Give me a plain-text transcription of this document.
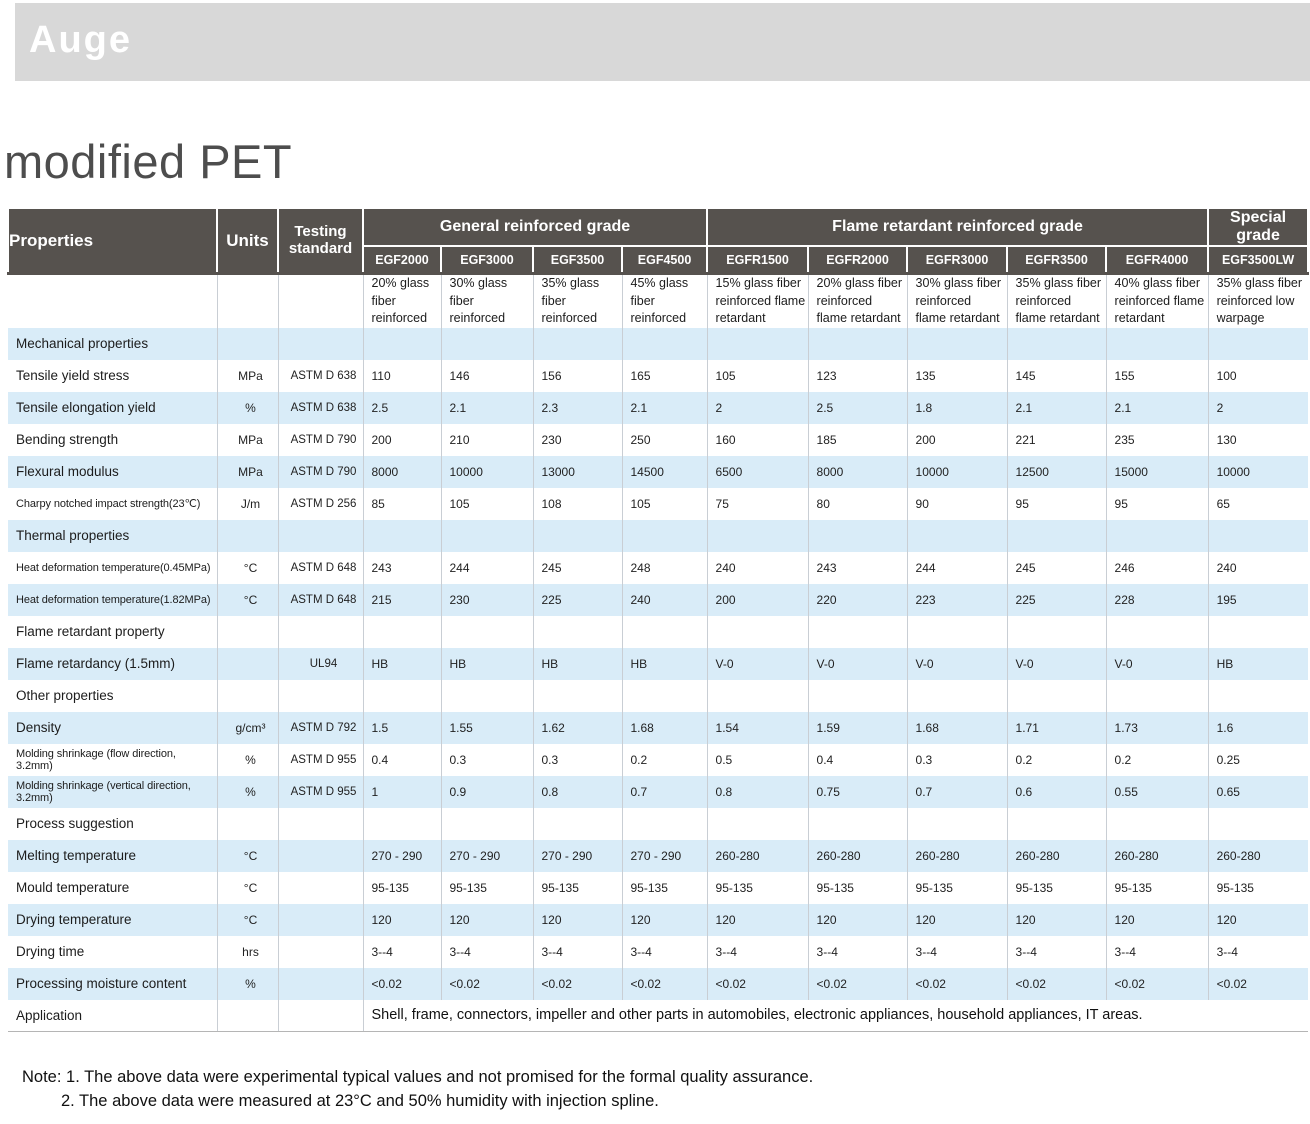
Auge
modified PET
Properties	Units	Testing standard	General reinforced grade				Flame retardant reinforced grade					Special grade
			EGF2000	EGF3000	EGF3500	EGF4500	EGFR1500	EGFR2000	EGFR3000	EGFR3500	EGFR4000	EGF3500LW
			20% glass fiber reinforced	30% glass fiber reinforced	35% glass fiber reinforced	45% glass fiber reinforced	15% glass fiber reinforced flame retardant	20% glass fiber reinforced flame retardant	30% glass fiber reinforced flame retardant	35% glass fiber reinforced flame retardant	40% glass fiber reinforced flame retardant	35% glass fiber reinforced low warpage
Mechanical properties												
Tensile yield stress	MPa	ASTM D 638	110	146	156	165	105	123	135	145	155	100
Tensile elongation yield	%	ASTM D 638	2.5	2.1	2.3	2.1	2	2.5	1.8	2.1	2.1	2
Bending strength	MPa	ASTM D 790	200	210	230	250	160	185	200	221	235	130
Flexural modulus	MPa	ASTM D 790	8000	10000	13000	14500	6500	8000	10000	12500	15000	10000
Charpy notched impact strength(23℃)	J/m	ASTM D 256	85	105	108	105	75	80	90	95	95	65
Thermal properties												
Heat deformation temperature(0.45MPa)	°C	ASTM D 648	243	244	245	248	240	243	244	245	246	240
Heat deformation temperature(1.82MPa)	°C	ASTM D 648	215	230	225	240	200	220	223	225	228	195
Flame retardant property												
Flame retardancy (1.5mm)		UL94	HB	HB	HB	HB	V-0	V-0	V-0	V-0	V-0	HB
Other properties												
Density	g/cm³	ASTM D 792	1.5	1.55	1.62	1.68	1.54	1.59	1.68	1.71	1.73	1.6
Molding shrinkage (flow direction, 3.2mm)	%	ASTM D 955	0.4	0.3	0.3	0.2	0.5	0.4	0.3	0.2	0.2	0.25
Molding shrinkage (vertical direction, 3.2mm)	%	ASTM D 955	1	0.9	0.8	0.7	0.8	0.75	0.7	0.6	0.55	0.65
Process suggestion												
Melting temperature	°C		270 - 290	270 - 290	270 - 290	270 - 290	260-280	260-280	260-280	260-280	260-280	260-280
Mould temperature	°C		95-135	95-135	95-135	95-135	95-135	95-135	95-135	95-135	95-135	95-135
Drying temperature	°C		120	120	120	120	120	120	120	120	120	120
Drying time	hrs		3--4	3--4	3--4	3--4	3--4	3--4	3--4	3--4	3--4	3--4
Processing moisture content	%		<0.02	<0.02	<0.02	<0.02	<0.02	<0.02	<0.02	<0.02	<0.02	<0.02
Application			Shell, frame, connectors, impeller and other parts in automobiles, electronic appliances, household appliances, IT areas.									
Note: 1. The above data were experimental typical values and not promised for the formal quality assurance.
2. The above data were measured at 23°C and 50% humidity with injection spline.
